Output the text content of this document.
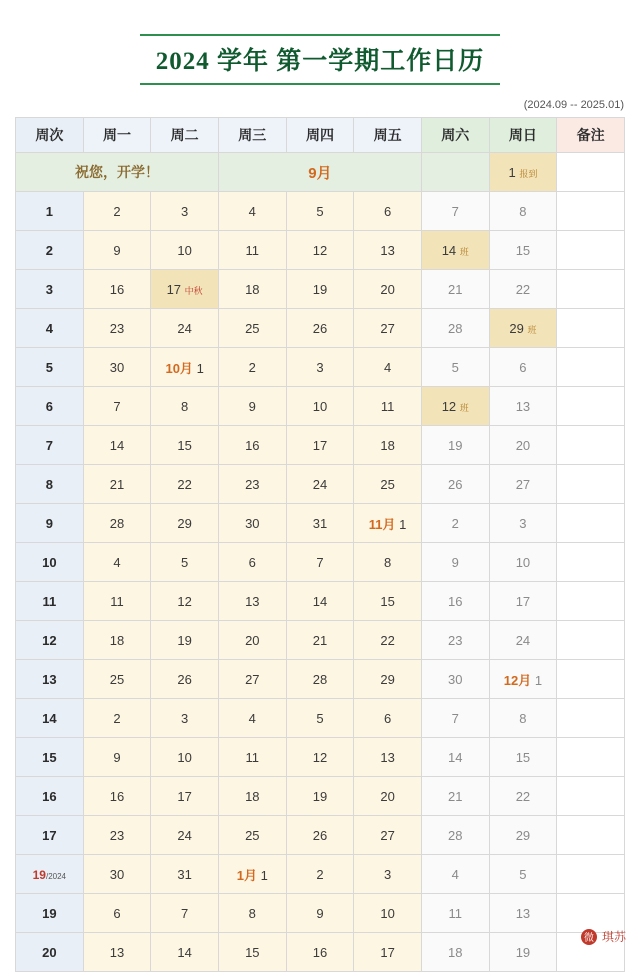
2024 学年 第一学期工作日历
(2024.09 -- 2025.01)
周次	周一	周二	周三	周四	周五	周六	周日	备注
祝您，开学！			9月				1 报到	
1	2	3	4	5	6	7	8	
2	9	10	11	12	13	14 班	15	
3	16	17 中秋	18	19	20	21	22	
4	23	24	25	26	27	28	29 班	
5	30	10月 1	2	3	4	5	6	
6	7	8	9	10	11	12 班	13	
7	14	15	16	17	18	19	20	
8	21	22	23	24	25	26	27	
9	28	29	30	31	11月 1	2	3	
10	4	5	6	7	8	9	10	
11	11	12	13	14	15	16	17	
12	18	19	20	21	22	23	24	
13	25	26	27	28	29	30	12月 1	
14	2	3	4	5	6	7	8	
15	9	10	11	12	13	14	15	
16	16	17	18	19	20	21	22	
17	23	24	25	26	27	28	29	
19/2024	30	31	1月 1	2	3	4	5	
19	6	7	8	9	10	11	13	
20	13	14	15	16	17	18	19	
微 琪苏
